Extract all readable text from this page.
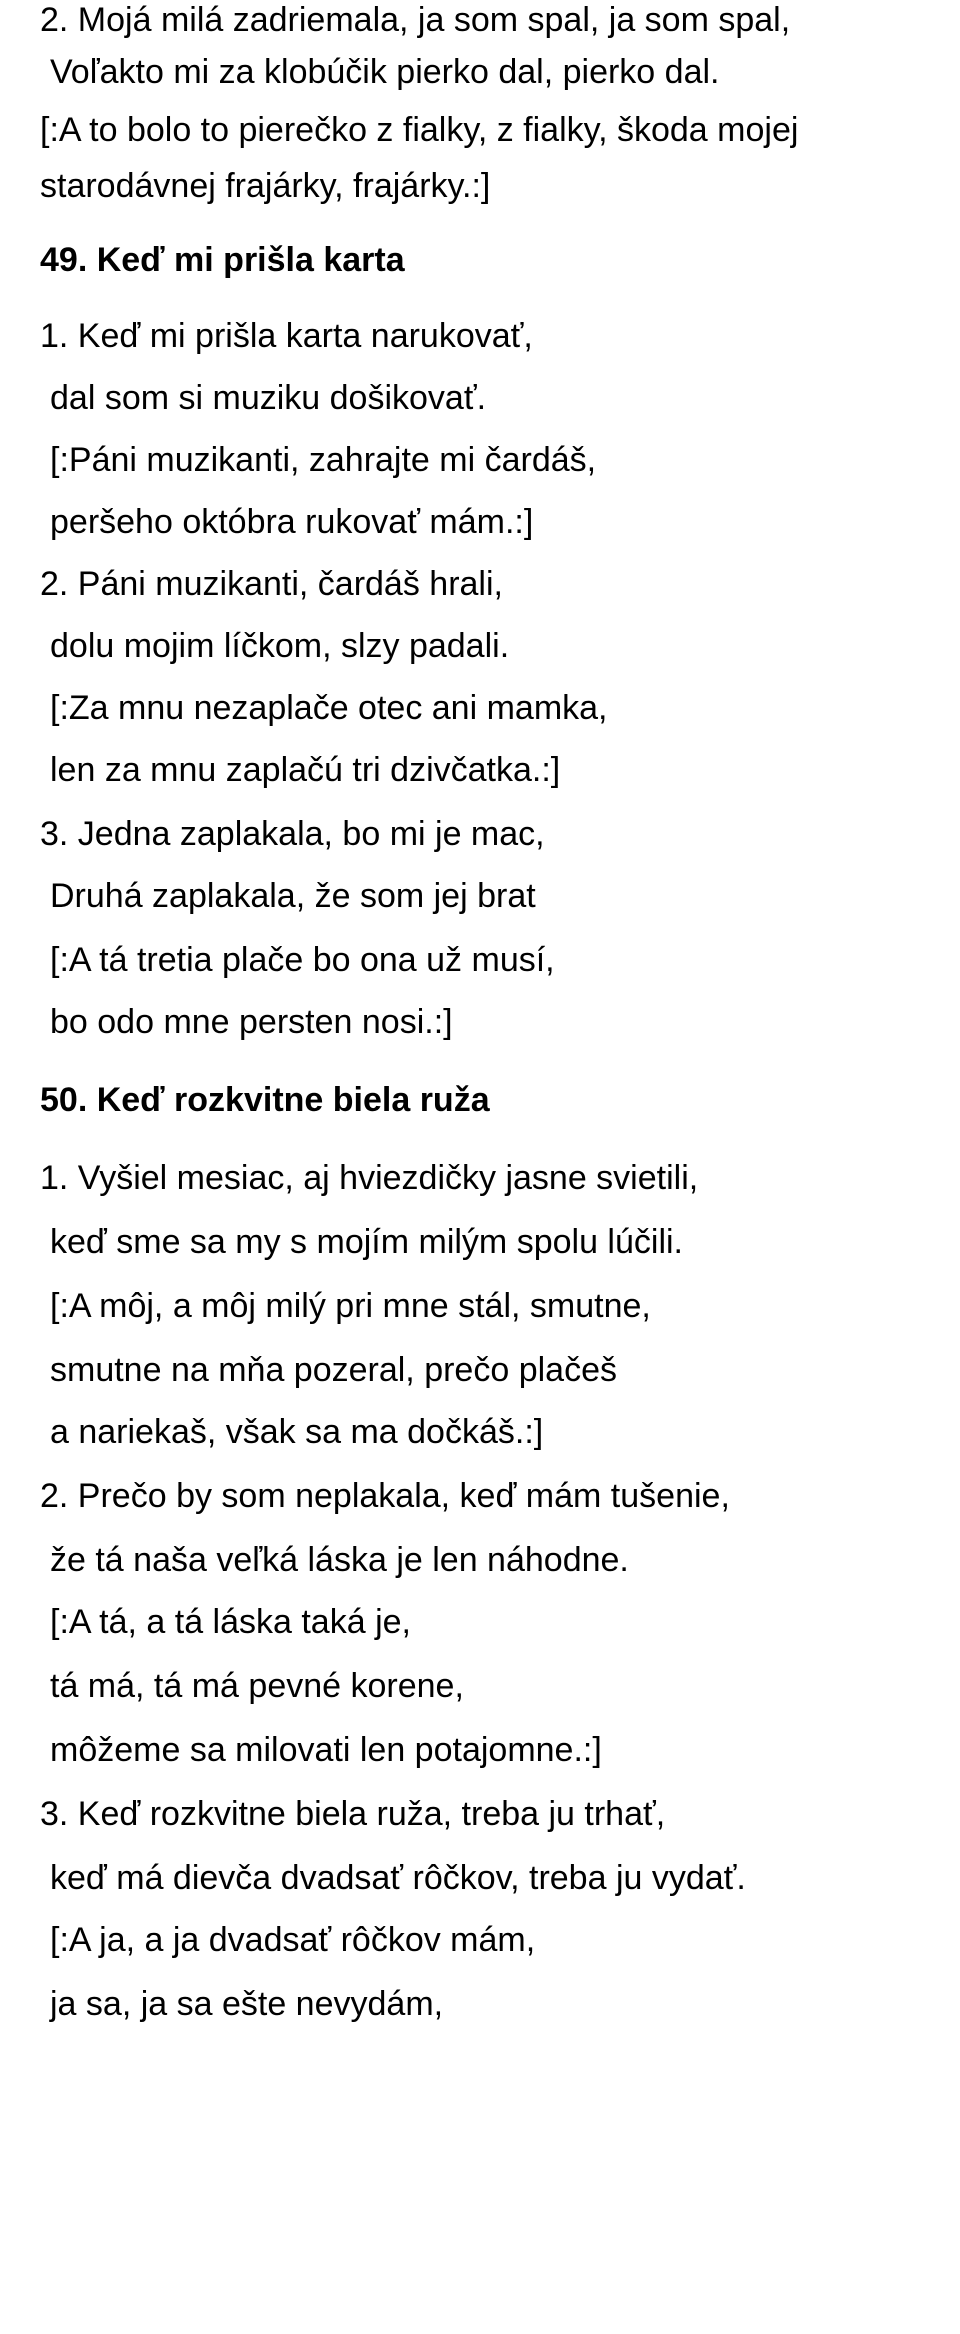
2. Mojá milá zadriemala, ja som spal, ja som spal,
Voľakto mi za klobúčik pierko dal, pierko dal.
[:A to bolo to pierečko z fialky, z fialky, škoda mojej
starodávnej frajárky, frajárky.:]
49. Keď mi prišla karta
1. Keď mi prišla karta narukovať,
dal som si muziku došikovať.
[:Páni muzikanti, zahrajte mi čardáš,
peršeho októbra rukovať mám.:]
2. Páni muzikanti, čardáš hrali,
dolu mojim líčkom, slzy padali.
[:Za mnu nezaplače otec ani mamka,
len za mnu zaplačú tri dzivčatka.:]
3. Jedna zaplakala, bo mi je mac,
Druhá zaplakala, že som jej brat
[:A tá tretia plače bo ona už musí,
bo odo mne persten nosi.:]
50. Keď rozkvitne biela ruža
1. Vyšiel mesiac, aj hviezdičky jasne svietili,
keď sme sa my s mojím milým spolu lúčili.
[:A môj, a môj milý pri mne stál, smutne,
smutne na mňa pozeral, prečo plačeš
a nariekaš, však sa ma dočkáš.:]
2. Prečo by som neplakala, keď mám tušenie,
že tá naša veľká láska je len náhodne.
[:A tá, a tá láska taká je,
tá má, tá má pevné korene,
môžeme sa milovati len potajomne.:]
3. Keď rozkvitne biela ruža, treba ju trhať,
keď má dievča dvadsať rôčkov, treba ju vydať.
[:A ja, a ja dvadsať rôčkov mám,
ja sa, ja sa ešte nevydám,
